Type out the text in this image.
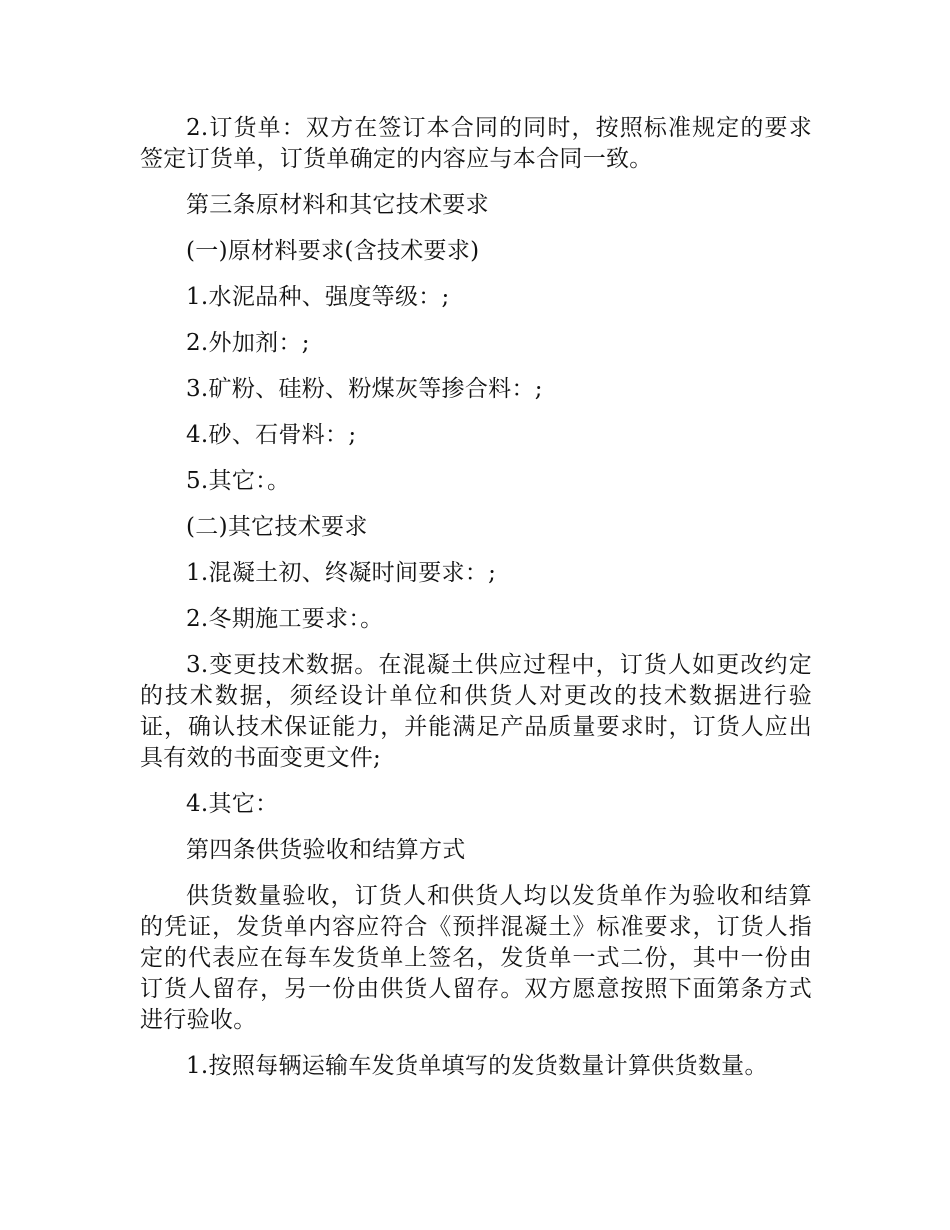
2.订货单：双方在签订本合同的同时，按照标准规定的要求签定订货单，订货单确定的内容应与本合同一致。

第三条原材料和其它技术要求

(一)原材料要求(含技术要求)

1.水泥品种、强度等级：;

2.外加剂：;

3.矿粉、硅粉、粉煤灰等掺合料：;

4.砂、石骨料：;

5.其它：。

(二)其它技术要求

1.混凝土初、终凝时间要求：;

2.冬期施工要求：。

3.变更技术数据。在混凝土供应过程中，订货人如更改约定的技术数据，须经设计单位和供货人对更改的技术数据进行验证，确认技术保证能力，并能满足产品质量要求时，订货人应出具有效的书面变更文件;

4.其它：

第四条供货验收和结算方式

供货数量验收，订货人和供货人均以发货单作为验收和结算的凭证，发货单内容应符合《预拌混凝土》标准要求，订货人指定的代表应在每车发货单上签名，发货单一式二份，其中一份由订货人留存，另一份由供货人留存。双方愿意按照下面第条方式进行验收。

1.按照每辆运输车发货单填写的发货数量计算供货数量。
